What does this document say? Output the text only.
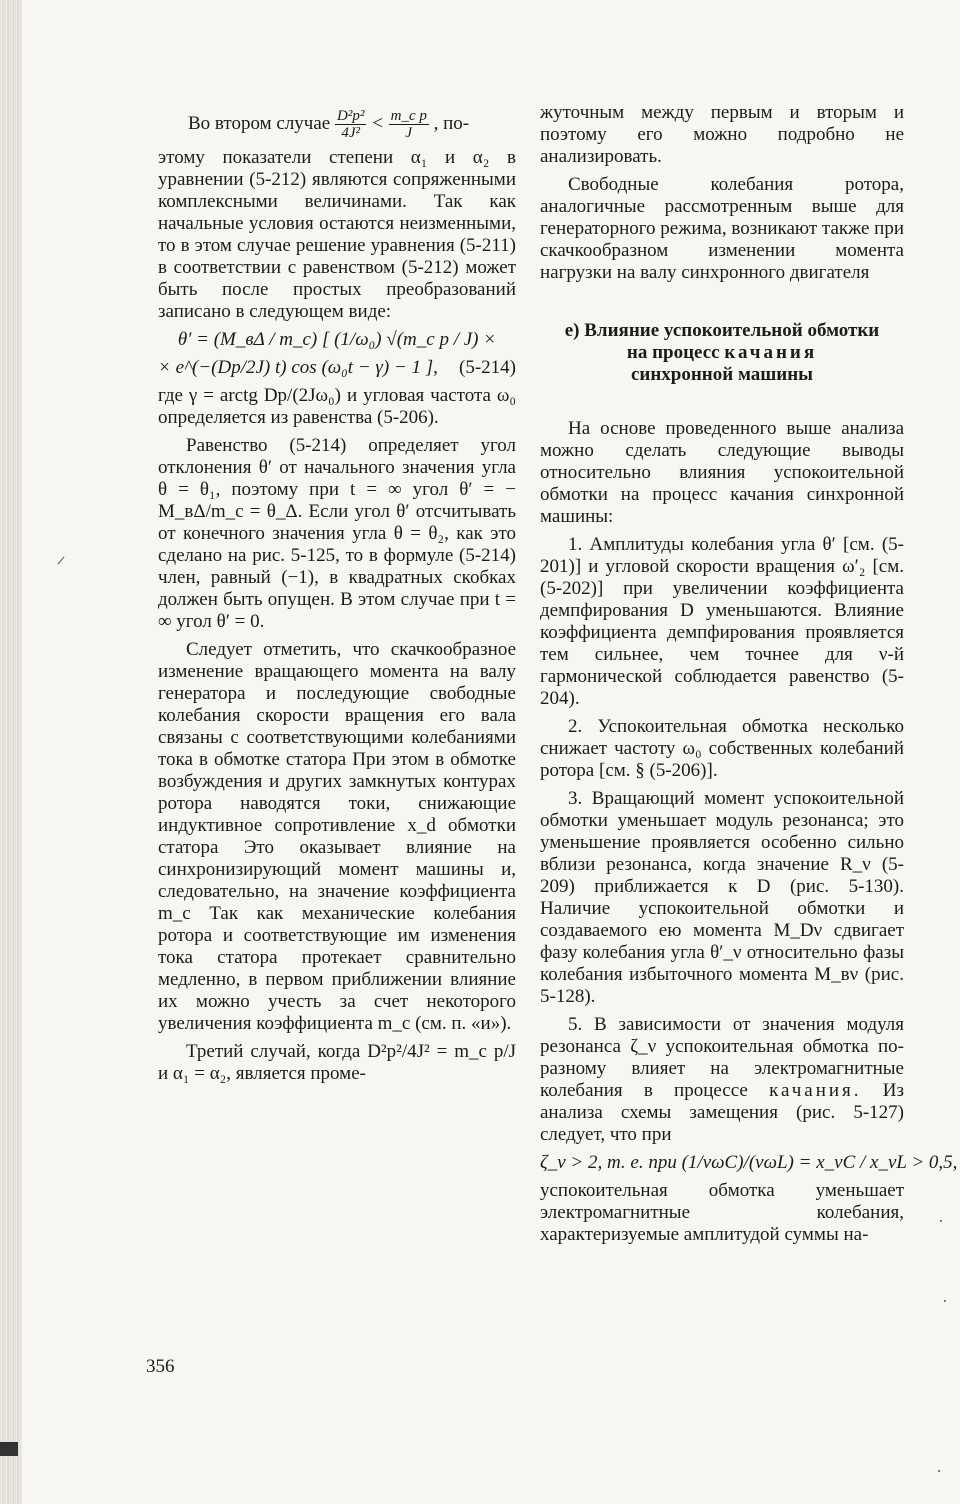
Во втором случае $\frac{\text{D²p²}}{\text{4J²}} < \frac{\text{m\_c p}}{J}$ , по-

этому показатели степени α₁ и α₂ в уравнении (5-212) являются сопряженными комплексными величинами. Так как начальные условия остаются неизменными, то в этом случае решение уравнения (5-211) в соответствии с равенством (5-212) может быть после простых преобразований записано в следующем виде:

θ′ = (M_вΔ / m_c) [ (1/ω₀) √(m_c p / J) ×

× e^(−(Dp/2J) t) cos (ω₀t − γ) − 1 ], (5-214)

где γ = arctg Dp/(2Jω₀) и угловая частота ω₀ определяется из равенства (5-206).

Равенство (5-214) определяет угол отклонения θ′ от начального значения угла θ = θ₁, поэтому при t = ∞ угол θ′ = − M_вΔ/m_c = θ_Δ. Если угол θ′ отсчитывать от конечного значения угла θ = θ₂, как это сделано на рис. 5-125, то в формуле (5-214) член, равный (−1), в квадратных скобках должен быть опущен. В этом случае при t = ∞ угол θ′ = 0.

Следует отметить, что скачкообразное изменение вращающего момента на валу генератора и последующие свободные колебания скорости вращения его вала связаны с соответствующими колебаниями тока в обмотке статора При этом в обмотке возбуждения и других замкнутых контурах ротора наводятся токи, снижающие индуктивное сопротивление x_d обмотки статора Это оказывает влияние на синхронизирующий момент машины и, следовательно, на значение коэффициента m_c Так как механические колебания ротора и соответствующие им изменения тока статора протекает сравнительно медленно, в первом приближении влияние их можно учесть за счет некоторого увеличения коэффициента m_c (см. п. «и»).

Третий случай, когда D²p²/4J² = m_c p/J и α₁ = α₂, является проме-

жуточным между первым и вторым и поэтому его можно подробно не анализировать.

Свободные колебания ротора, аналогичные рассмотренным выше для генераторного режима, возникают также при скачкообразном изменении момента нагрузки на валу синхронного двигателя

е) Влияние успокоительной обмотки
на процесс качания
синхронной машины

На основе проведенного выше анализа можно сделать следующие выводы относительно влияния успокоительной обмотки на процесс качания синхронной машины:

1. Амплитуды колебания угла θ′ [см. (5-201)] и угловой скорости вращения ω′₂ [см. (5-202)] при увеличении коэффициента демпфирования D уменьшаются. Влияние коэффициента демпфирования проявляется тем сильнее, чем точнее для ν-й гармонической соблюдается равенство (5-204).

2. Успокоительная обмотка несколько снижает частоту ω₀ собственных колебаний ротора [см. § (5-206)].

3. Вращающий момент успокоительной обмотки уменьшает модуль резонанса; это уменьшение проявляется особенно сильно вблизи резонанса, когда значение R_ν (5-209) приближается к D (рис. 5-130). Наличие успокоительной обмотки и создаваемого ею момента M_Dν сдвигает фазу колебания угла θ′_ν относительно фазы колебания избыточного момента M_вν (рис. 5-128).

5. В зависимости от значения модуля резонанса ζ_ν успокоительная обмотка по-разному влияет на электромагнитные колебания в процессе качания. Из анализа схемы замещения (рис. 5-127) следует, что при

ζ_ν > 2, т. е. при (1/νωC)/(νωL) = x_νC / x_νL > 0,5,

успокоительная обмотка уменьшает электромагнитные колебания, характеризуемые амплитудой суммы на-

356
